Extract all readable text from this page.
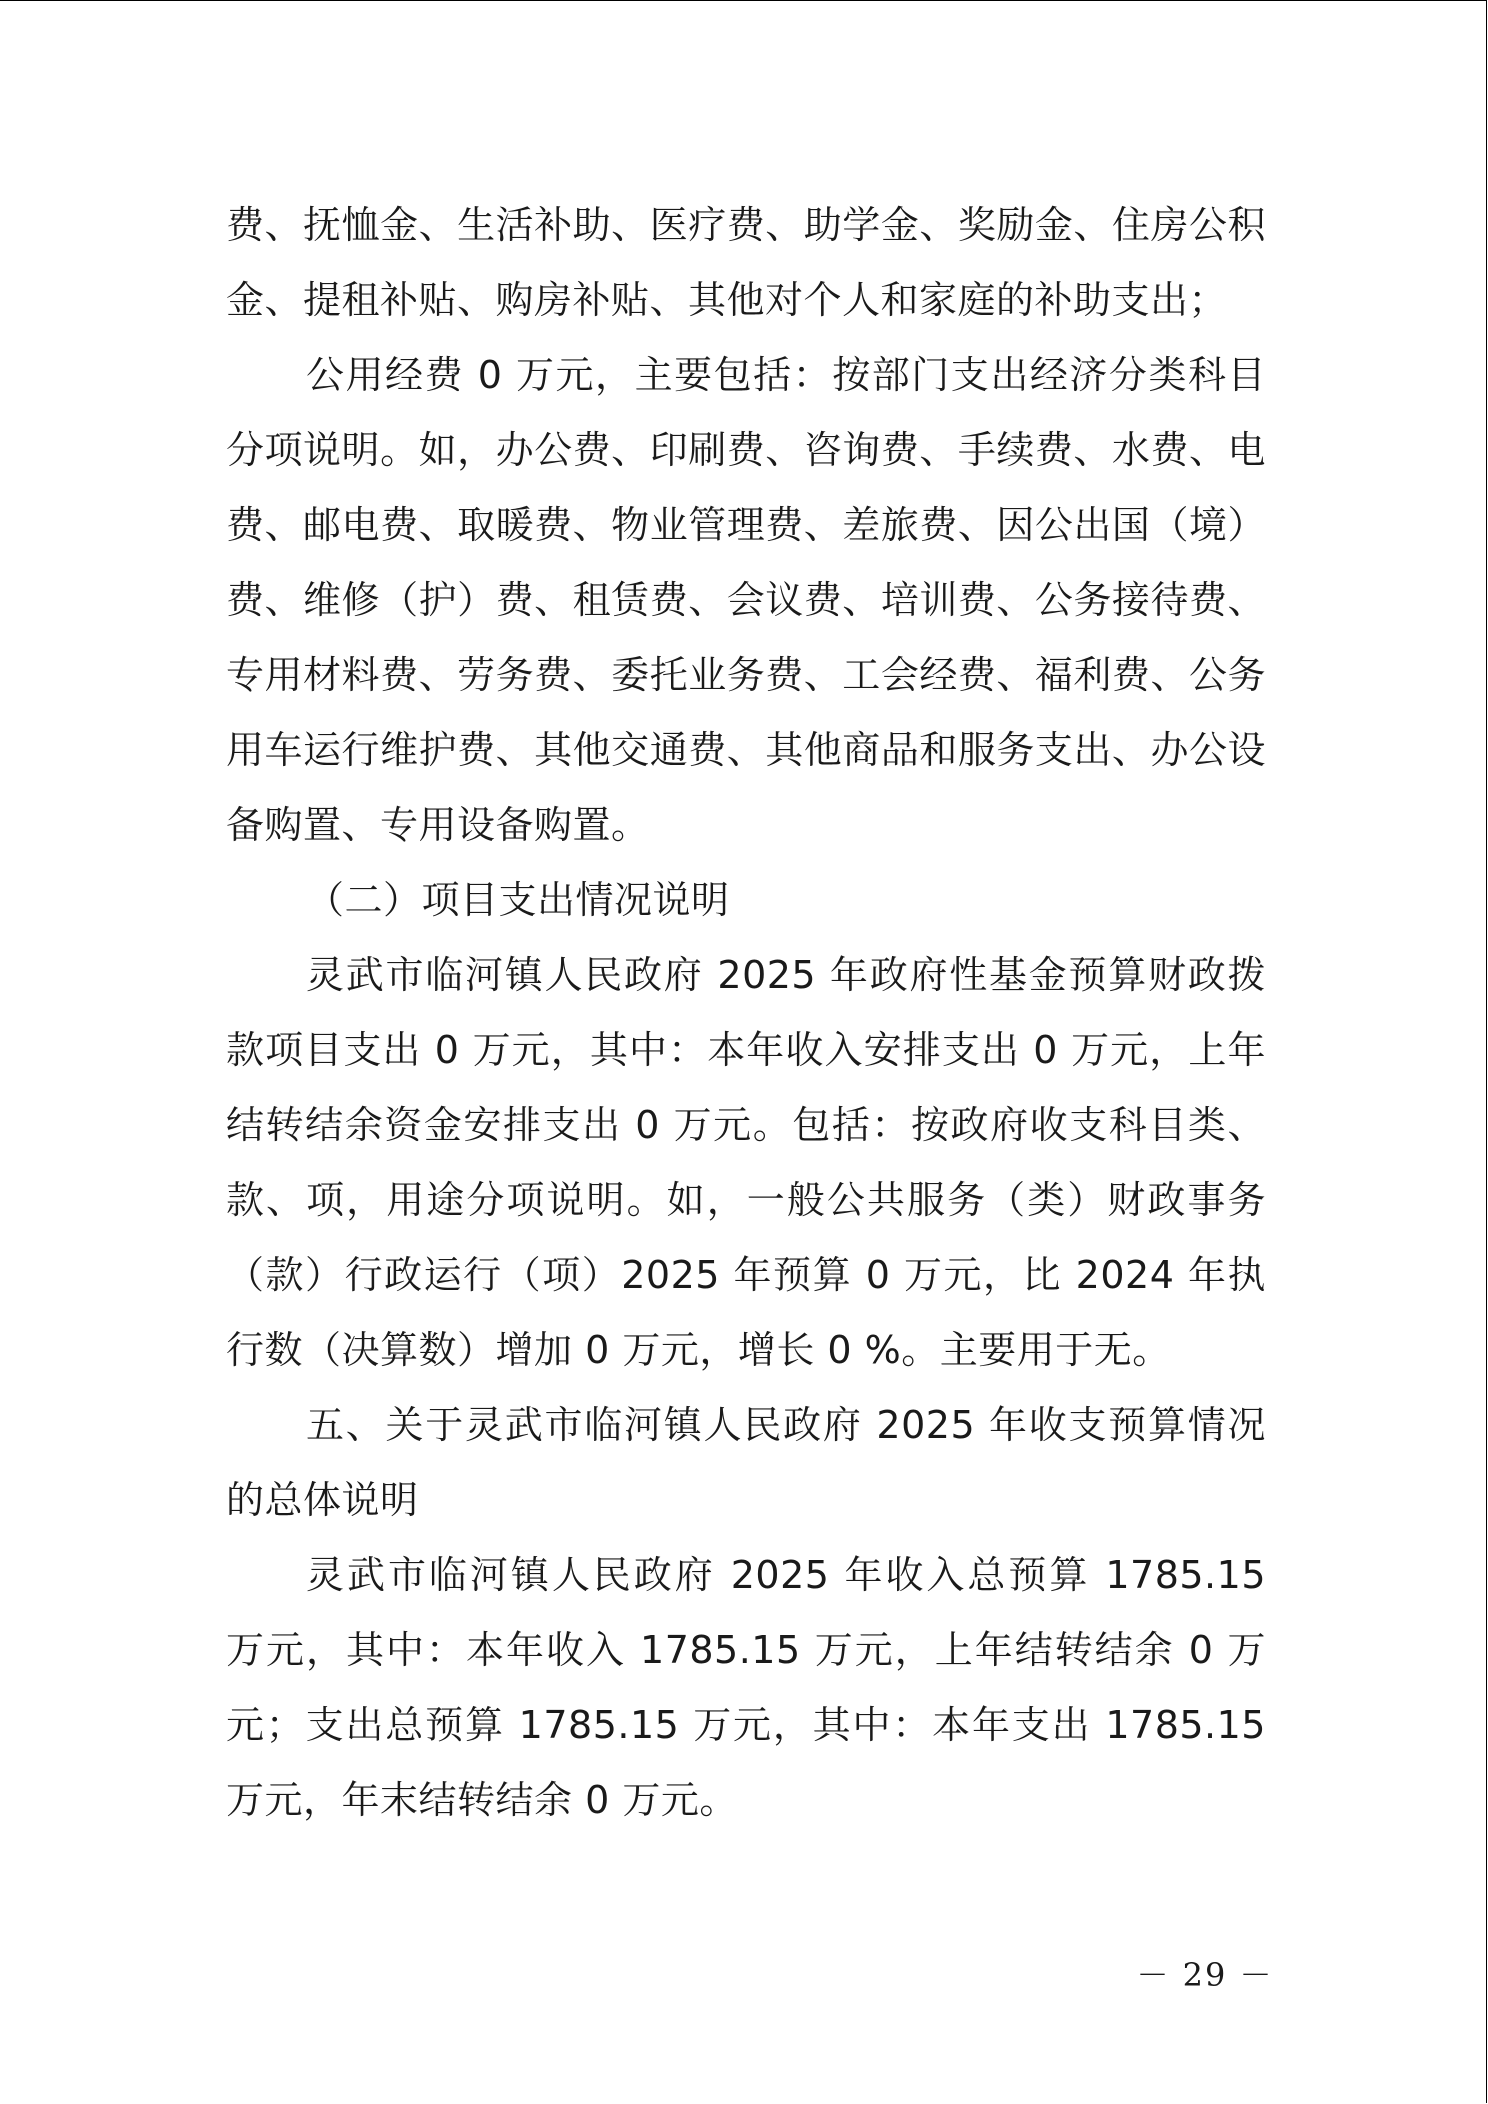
费、抚恤金、生活补助、医疗费、助学金、奖励金、住房公积金、提租补贴、购房补贴、其他对个人和家庭的补助支出；

公用经费 0 万元，主要包括：按部门支出经济分类科目分项说明。如，办公费、印刷费、咨询费、手续费、水费、电费、邮电费、取暖费、物业管理费、差旅费、因公出国（境）费、维修（护）费、租赁费、会议费、培训费、公务接待费、专用材料费、劳务费、委托业务费、工会经费、福利费、公务用车运行维护费、其他交通费、其他商品和服务支出、办公设备购置、专用设备购置。

（二）项目支出情况说明

灵武市临河镇人民政府 2025 年政府性基金预算财政拨款项目支出 0 万元，其中：本年收入安排支出 0 万元，上年结转结余资金安排支出 0 万元。包括：按政府收支科目类、款、项，用途分项说明。如，一般公共服务（类）财政事务（款）行政运行（项）2025 年预算 0 万元，比 2024 年执行数（决算数）增加 0 万元，增长 0 %。主要用于无。

五、关于灵武市临河镇人民政府 2025 年收支预算情况的总体说明

灵武市临河镇人民政府 2025 年收入总预算 1785.15 万元，其中：本年收入 1785.15 万元，上年结转结余 0 万元；支出总预算 1785.15 万元，其中：本年支出 1785.15 万元，年末结转结余 0 万元。

－ 29 －
